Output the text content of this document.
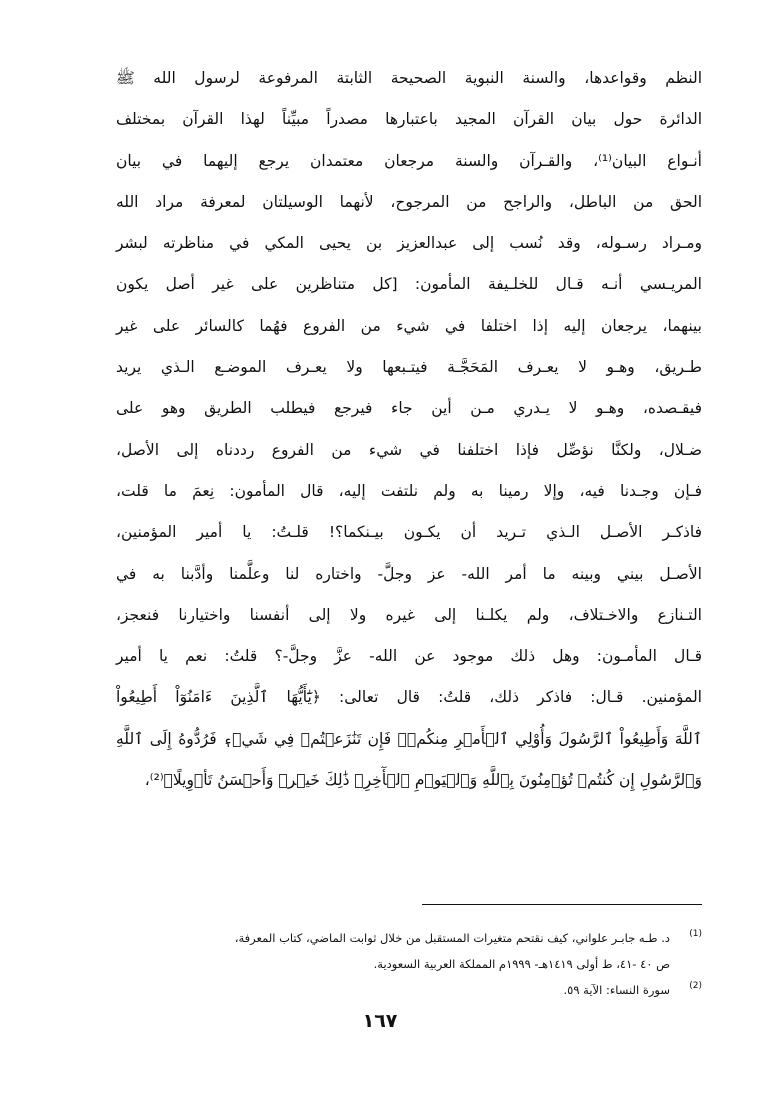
النظم وقواعدها، والسنة النبوية الصحيحة الثابتة المرفوعة لرسول الله ﷺ
الدائرة حول بيان القرآن المجيد باعتبارها مصدراً مبيِّناً لهذا القرآن بمختلف
أنـواع البيان⁽¹⁾، والقـرآن والسنة مرجعان معتمدان يرجع إليهما في بيان
الحق من الباطل، والراجح من المرجوح، لأنهما الوسيلتان لمعرفة مراد الله
ومـراد رسـوله، وقد نُسب إلى عبدالعزيز بن يحيى المكي في مناظرته لبشر
المريـسي أنـه قـال للخلـيفة المأمون: [كل متناظرين على غير أصل يكون
بينهما، يرجعان إليه إذا اختلفا في شيء من الفروع فهُما كالسائر على غير
طـريق، وهـو لا يعـرف المَحَجَّـة فيتـبعها ولا يعـرف الموضـع الـذي يريد
فيقـصده، وهـو لا يـدري مـن أين جاء فيرجع فيطلب الطريق وهو على
ضـلال، ولكنَّا نؤصِّل فإذا اختلفنا في شيء من الفروع رددناه إلى الأصل،
فـإن وجـدنا فيه، وإلا رمينا به ولم نلتفت إليه، قال المأمون: نِعمَ ما قلت،
فاذكـر الأصـل الـذي تـريد أن يكـون بيـنكما؟! قلـتُ: يا أمير المؤمنين،
الأصـل بيني وبينه ما أمر الله- عز وجلَّ- واختاره لنا وعلَّمنا وأدَّبنا به في
التـنازع والاخـتلاف، ولم يكلـنا إلى غيره ولا إلى أنفسنا واختيارنا فنعجز،
قـال المأمـون: وهل ذلك موجود عن الله- عزَّ وجلَّ-؟ قلتُ: نعم يا أمير
المؤمنين. قـال: فاذكر ذلك، قلتُ: قال تعالى: ﴿يَٰٓأَيُّهَا ٱلَّذِينَ ءَامَنُوٓاْ أَطِيعُواْ
ٱللَّهَ وَأَطِيعُواْ ٱلرَّسُولَ وَأُوْلِي ٱلۡأَمۡرِ مِنكُمۡۖ فَإِن تَنَٰزَعۡتُمۡ فِي شَيۡءٖ فَرُدُّوهُ إِلَى ٱللَّهِ
وَٱلرَّسُولِ إِن كُنتُمۡ تُؤۡمِنُونَ بِٱللَّهِ وَٱلۡيَوۡمِ ٱلۡأٓخِرِۚ ذَٰلِكَ خَيۡرٞ وَأَحۡسَنُ تَأۡوِيلًا﴾⁽²⁾،
(1)
د. طـه جابـر علواني، كيف نقتحم متغيرات المستقبل من خلال ثوابت الماضي، كتاب المعرفة،
ص ٤٠ -٤١، ط أولى ١٤١٩هـ- ١٩٩٩م المملكة العربية السعودية.
(2)
سورة النساء: الآية ٥٩.
١٦٧
